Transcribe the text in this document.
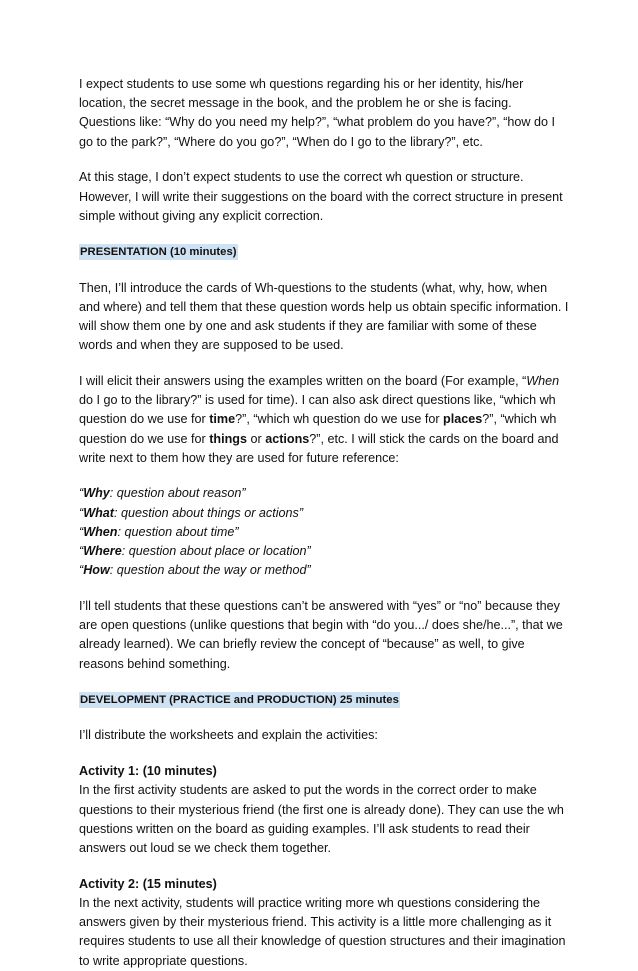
I expect students to use some wh questions regarding his or her identity, his/her location, the secret message in the book, and the problem he or she is facing.

Questions like: “Why do you need my help?”, “what problem do you have?”, “how do I go to the park?”, “Where do you go?”, “When do I go to the library?”, etc.

At this stage, I don’t expect students to use the correct wh question or structure. However, I will write their suggestions on the board with the correct structure in present simple without giving any explicit correction.

PRESENTATION (10 minutes)

Then, I’ll introduce the cards of Wh-questions to the students (what, why, how, when and where) and tell them that these question words help us obtain specific information. I will show them one by one and ask students if they are familiar with some of these words and when they are supposed to be used.

I will elicit their answers using the examples written on the board (For example, “When do I go to the library?” is used for time). I can also ask direct questions like, “which wh question do we use for time?”, “which wh question do we use for places?”, “which wh question do we use for things or actions?”, etc. I will stick the cards on the board and write next to them how they are used for future reference:

“Why: question about reason”

“What: question about things or actions”

“When: question about time”

“Where: question about place or location”

“How: question about the way or method”

I’ll tell students that these questions can’t be answered with “yes” or “no” because they are open questions (unlike questions that begin with “do you.../ does she/he...”, that we already learned). We can briefly review the concept of “because” as well, to give reasons behind something.

DEVELOPMENT (PRACTICE and PRODUCTION) 25 minutes

I’ll distribute the worksheets and explain the activities:

Activity 1: (10 minutes)

In the first activity students are asked to put the words in the correct order to make questions to their mysterious friend (the first one is already done). They can use the wh questions written on the board as guiding examples. I’ll ask students to read their answers out loud se we check them together.

Activity 2: (15 minutes)

In the next activity, students will practice writing more wh questions considering the answers given by their mysterious friend. This activity is a little more challenging as it requires students to use all their knowledge of question structures and their imagination to write appropriate questions.
